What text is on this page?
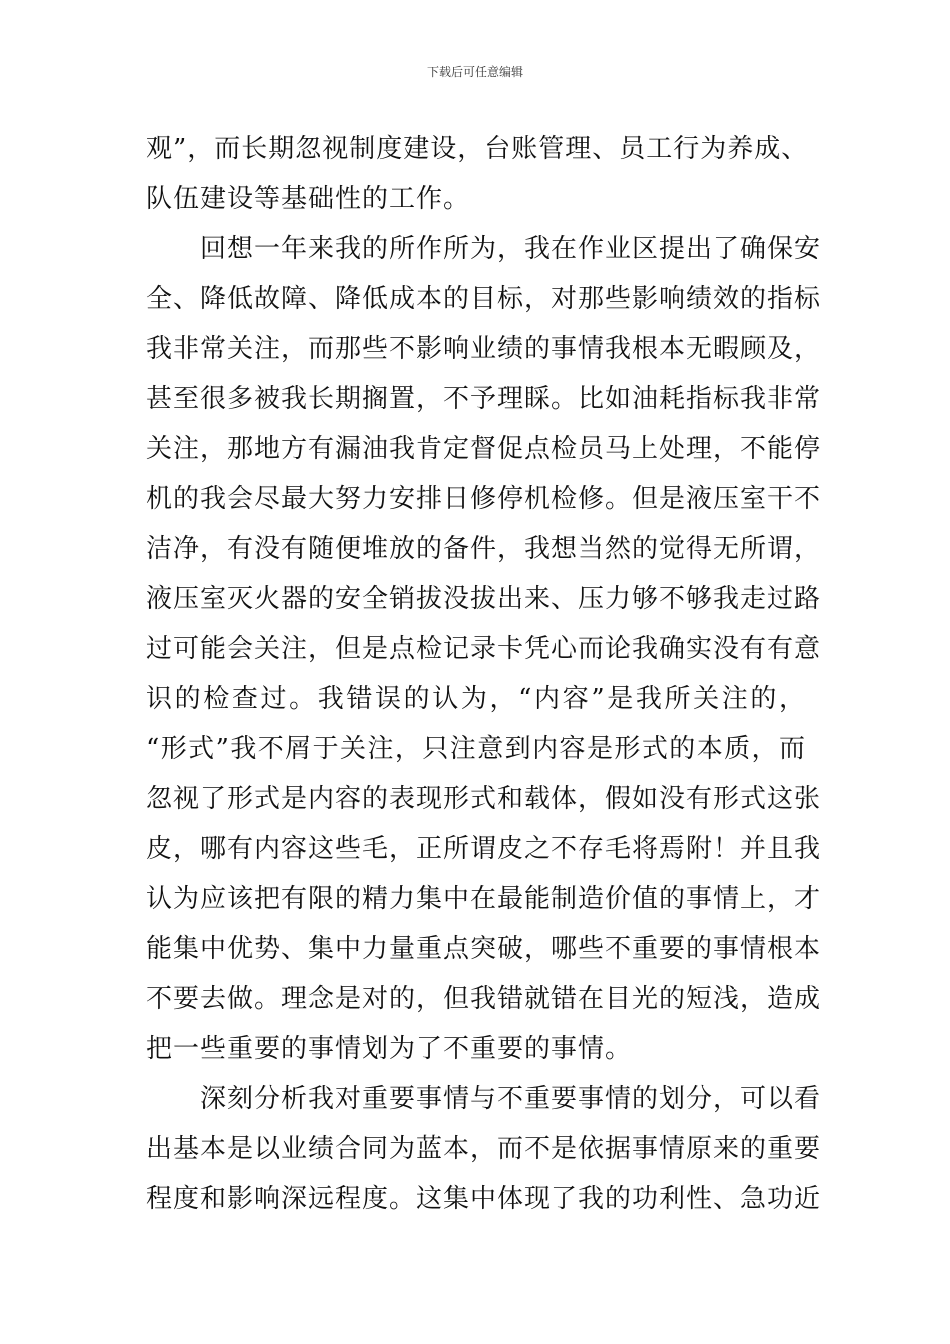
下载后可任意编辑
观”，而长期忽视制度建设，台账管理、员工行为养成、
队伍建设等基础性的工作。
回想一年来我的所作所为，我在作业区提出了确保安
全、降低故障、降低成本的目标，对那些影响绩效的指标
我非常关注，而那些不影响业绩的事情我根本无暇顾及，
甚至很多被我长期搁置，不予理睬。比如油耗指标我非常
关注，那地方有漏油我肯定督促点检员马上处理，不能停
机的我会尽最大努力安排日修停机检修。但是液压室干不
洁净，有没有随便堆放的备件，我想当然的觉得无所谓，
液压室灭火器的安全销拔没拔出来、压力够不够我走过路
过可能会关注，但是点检记录卡凭心而论我确实没有有意
识的检查过。我错误的认为，“内容”是我所关注的，
“形式”我不屑于关注，只注意到内容是形式的本质，而
忽视了形式是内容的表现形式和载体，假如没有形式这张
皮，哪有内容这些毛，正所谓皮之不存毛将焉附！并且我
认为应该把有限的精力集中在最能制造价值的事情上，才
能集中优势、集中力量重点突破，哪些不重要的事情根本
不要去做。理念是对的，但我错就错在目光的短浅，造成
把一些重要的事情划为了不重要的事情。
深刻分析我对重要事情与不重要事情的划分，可以看
出基本是以业绩合同为蓝本，而不是依据事情原来的重要
程度和影响深远程度。这集中体现了我的功利性、急功近
